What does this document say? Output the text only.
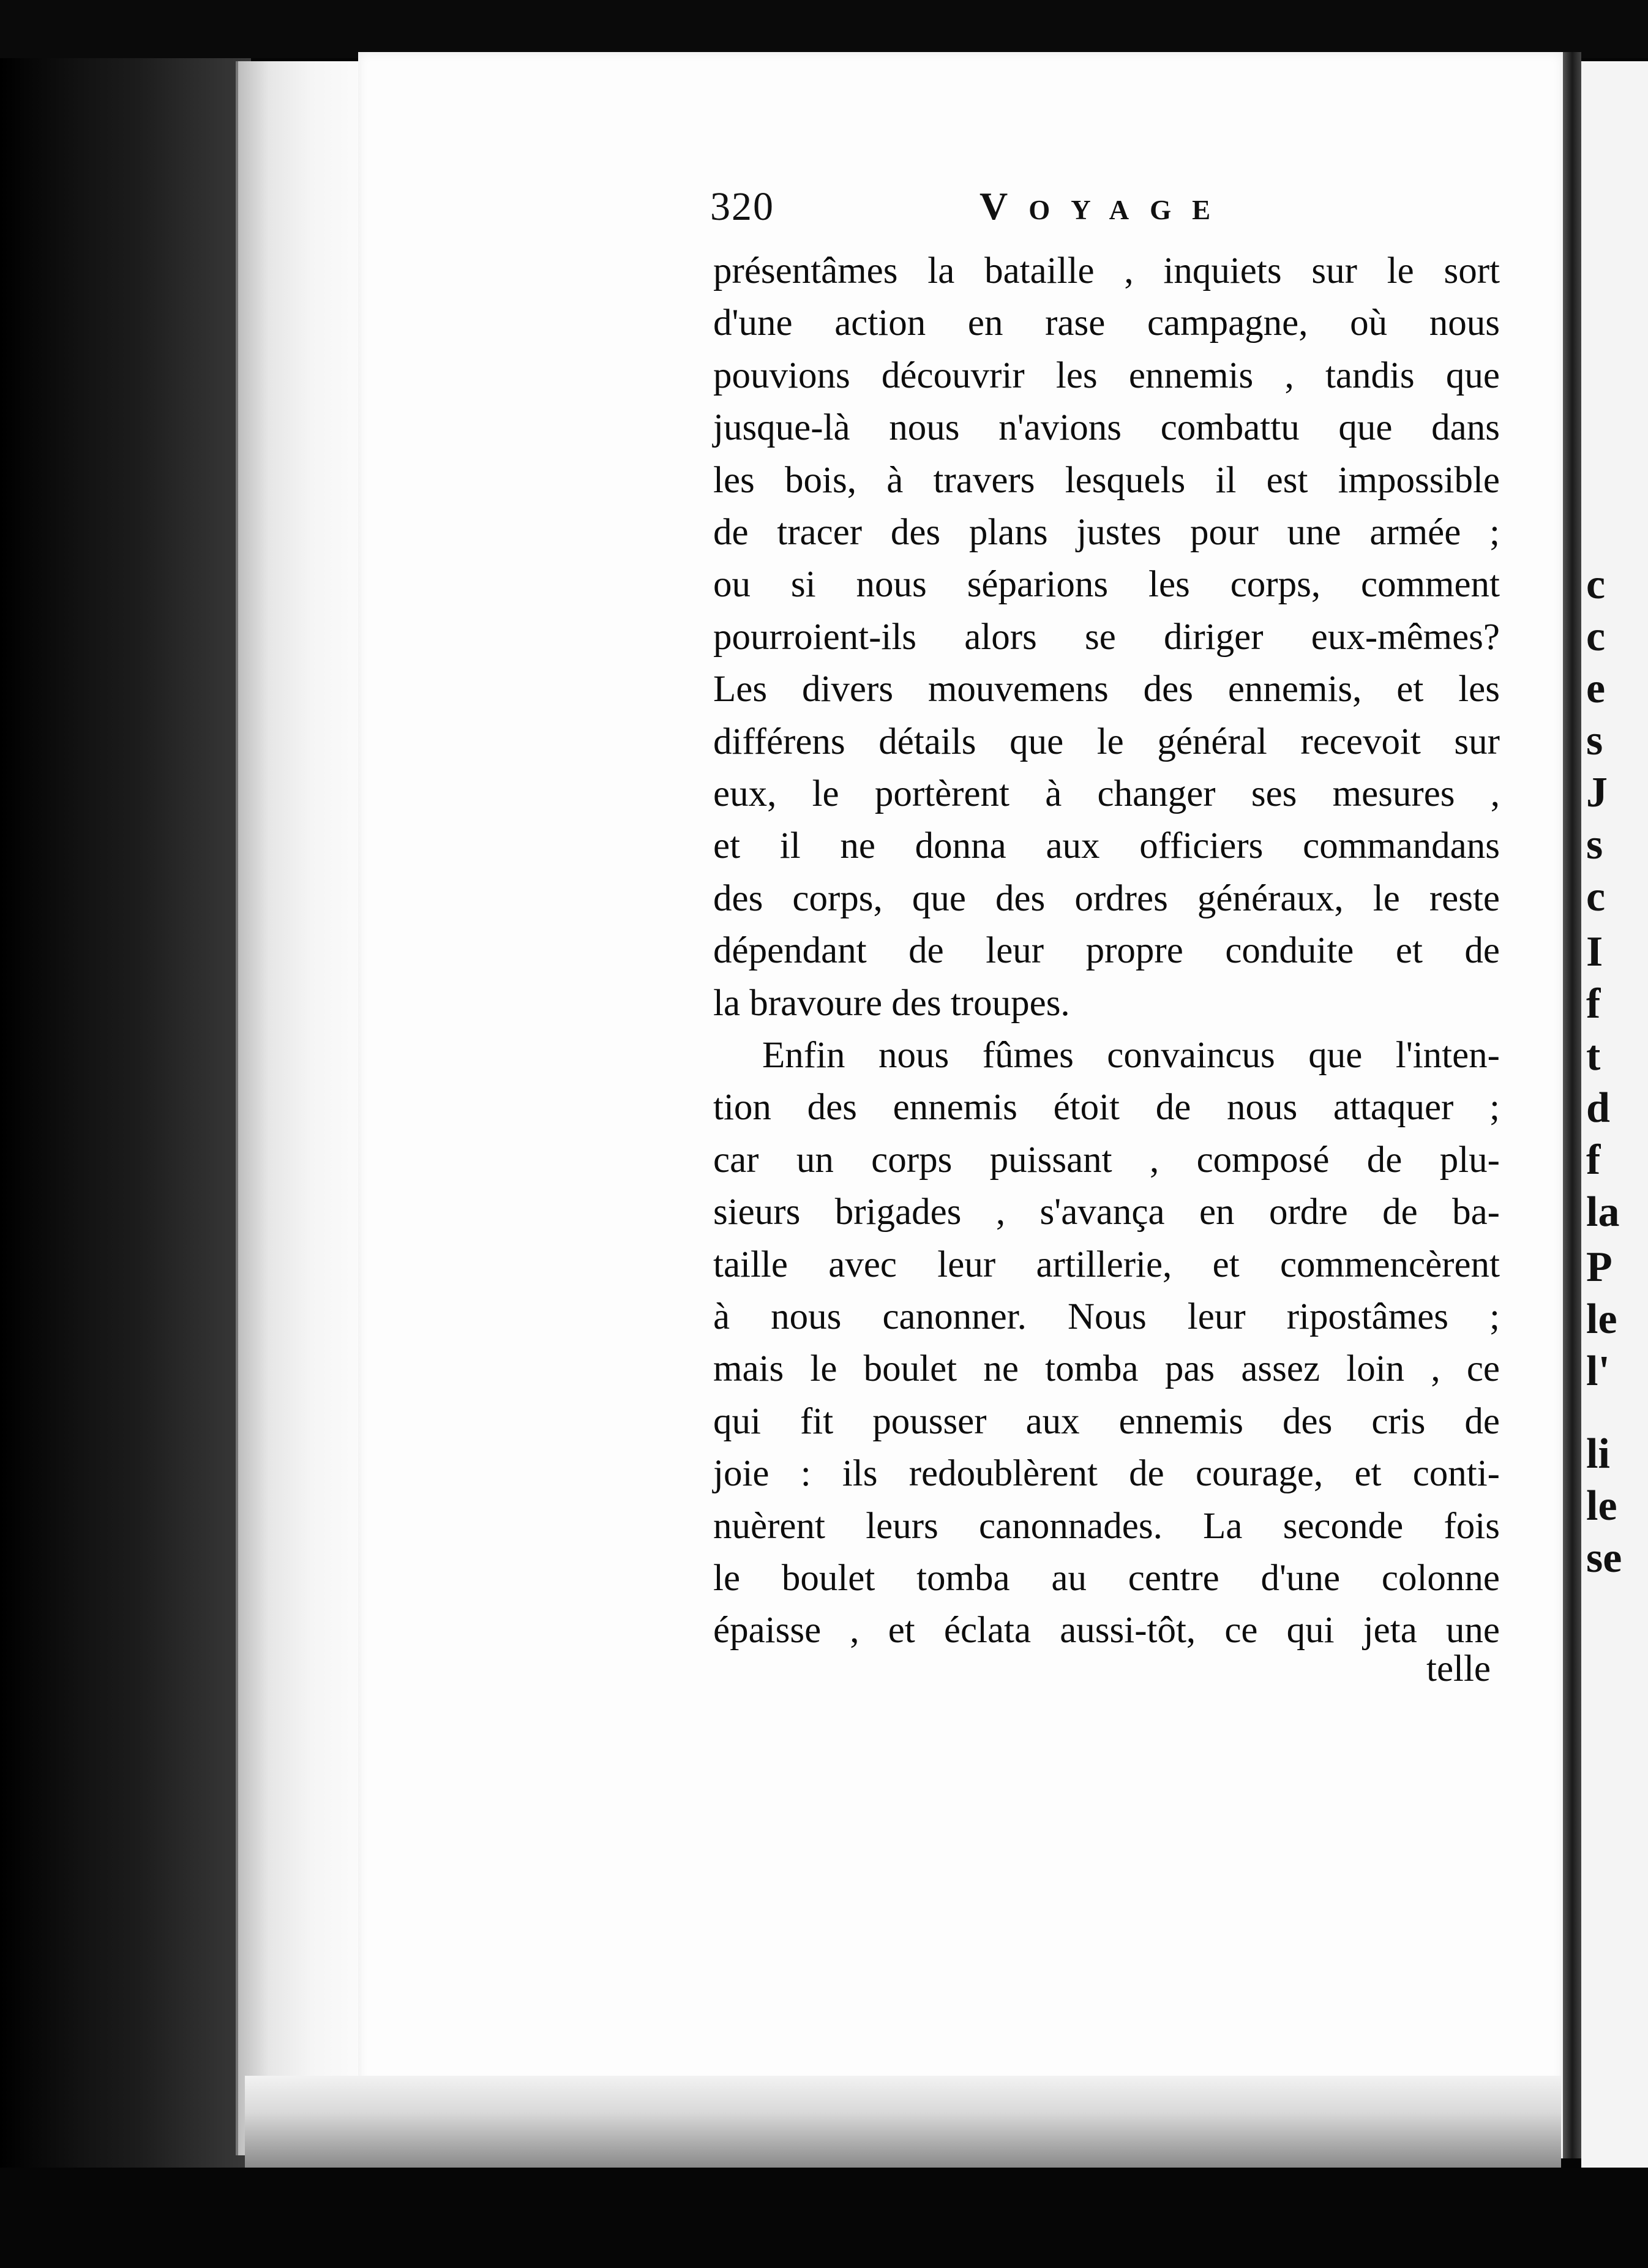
c
c
e
s
J
s
c
I
f
t
d
f
la
P
le
l'
li
le
se
320	Voyage
présentâmes la bataille , inquiets sur le sort
d'une action en rase campagne, où nous
pouvions découvrir les ennemis , tandis que
jusque-là nous n'avions combattu que dans
les bois, à travers lesquels il est impossible
de tracer des plans justes pour une armée ;
ou si nous séparions les corps, comment
pourroient-ils alors se diriger eux-mêmes?
Les divers mouvemens des ennemis, et les
différens détails que le général recevoit sur
eux, le portèrent à changer ses mesures ,
et il ne donna aux officiers commandans
des corps, que des ordres généraux, le reste
dépendant de leur propre conduite et de
la bravoure des troupes.
Enfin nous fûmes convaincus que l'inten-
tion des ennemis étoit de nous attaquer ;
car un corps puissant , composé de plu-
sieurs brigades , s'avança en ordre de ba-
taille avec leur artillerie, et commencèrent
à nous canonner. Nous leur ripostâmes ;
mais le boulet ne tomba pas assez loin , ce
qui fit pousser aux ennemis des cris de
joie : ils redoublèrent de courage, et conti-
nuèrent leurs canonnades. La seconde fois
le boulet tomba au centre d'une colonne
épaisse , et éclata aussi-tôt, ce qui jeta une
telle
